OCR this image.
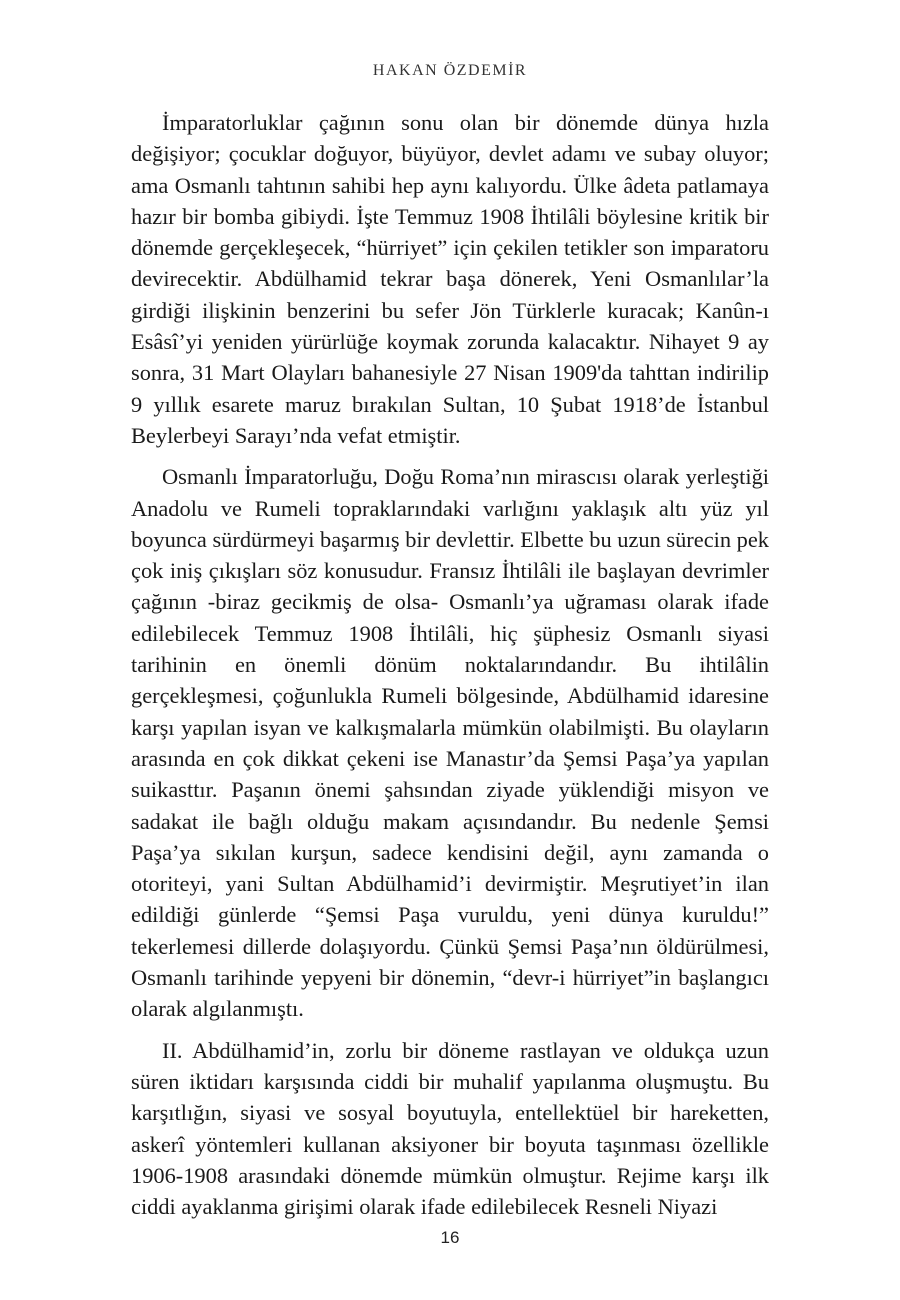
HAKAN ÖZDEMİR

İmparatorluklar çağının sonu olan bir dönemde dünya hızla değişiyor; çocuklar doğuyor, büyüyor, devlet adamı ve subay oluyor; ama Osmanlı tahtının sahibi hep aynı kalıyordu. Ülke âdeta patlamaya hazır bir bomba gibiydi. İşte Temmuz 1908 İhtilâli böylesine kritik bir dönemde gerçekleşecek, “hürriyet” için çekilen tetikler son imparatoru devirecektir. Abdülhamid tekrar başa dönerek, Yeni Osmanlılar’la girdiği ilişkinin benzerini bu sefer Jön Türklerle kuracak; Kanûn-ı Esâsî’yi yeniden yürürlüğe koymak zorunda kalacaktır. Nihayet 9 ay sonra, 31 Mart Olayları bahanesiyle 27 Nisan 1909'da tahttan indirilip 9 yıllık esarete maruz bırakılan Sultan, 10 Şubat 1918’de İstanbul Beylerbeyi Sarayı’nda vefat etmiştir.

Osmanlı İmparatorluğu, Doğu Roma’nın mirascısı olarak yerleştiği Anadolu ve Rumeli topraklarındaki varlığını yaklaşık altı yüz yıl boyunca sürdürmeyi başarmış bir devlettir. Elbette bu uzun sürecin pek çok iniş çıkışları söz konusudur. Fransız İhtilâli ile başlayan devrimler çağının -biraz gecikmiş de olsa- Osmanlı’ya uğraması olarak ifade edilebilecek Temmuz 1908 İhtilâli, hiç şüphesiz Osmanlı siyasi tarihinin en önemli dönüm noktalarındandır. Bu ihtilâlin gerçekleşmesi, çoğunlukla Rumeli bölgesinde, Abdülhamid idaresine karşı yapılan isyan ve kalkışmalarla mümkün olabilmişti. Bu olayların arasında en çok dikkat çekeni ise Manastır’da Şemsi Paşa’ya yapılan suikasttır. Paşanın önemi şahsından ziyade yüklendiği misyon ve sadakat ile bağlı olduğu makam açısındandır. Bu nedenle Şemsi Paşa’ya sıkılan kurşun, sadece kendisini değil, aynı zamanda o otoriteyi, yani Sultan Abdülhamid’i devirmiştir. Meşrutiyet’in ilan edildiği günlerde “Şemsi Paşa vuruldu, yeni dünya kuruldu!” tekerlemesi dillerde dolaşıyordu. Çünkü Şemsi Paşa’nın öldürülmesi, Osmanlı tarihinde yepyeni bir dönemin, “devr-i hürriyet”in başlangıcı olarak algılanmıştı.

II. Abdülhamid’in, zorlu bir döneme rastlayan ve oldukça uzun süren iktidarı karşısında ciddi bir muhalif yapılanma oluşmuştu. Bu karşıtlığın, siyasi ve sosyal boyutuyla, entellektüel bir hareketten, askerî yöntemleri kullanan aksiyoner bir boyuta taşınması özellikle 1906-1908 arasındaki dönemde mümkün olmuştur. Rejime karşı ilk ciddi ayaklanma girişimi olarak ifade edilebilecek Resneli Niyazi

16
